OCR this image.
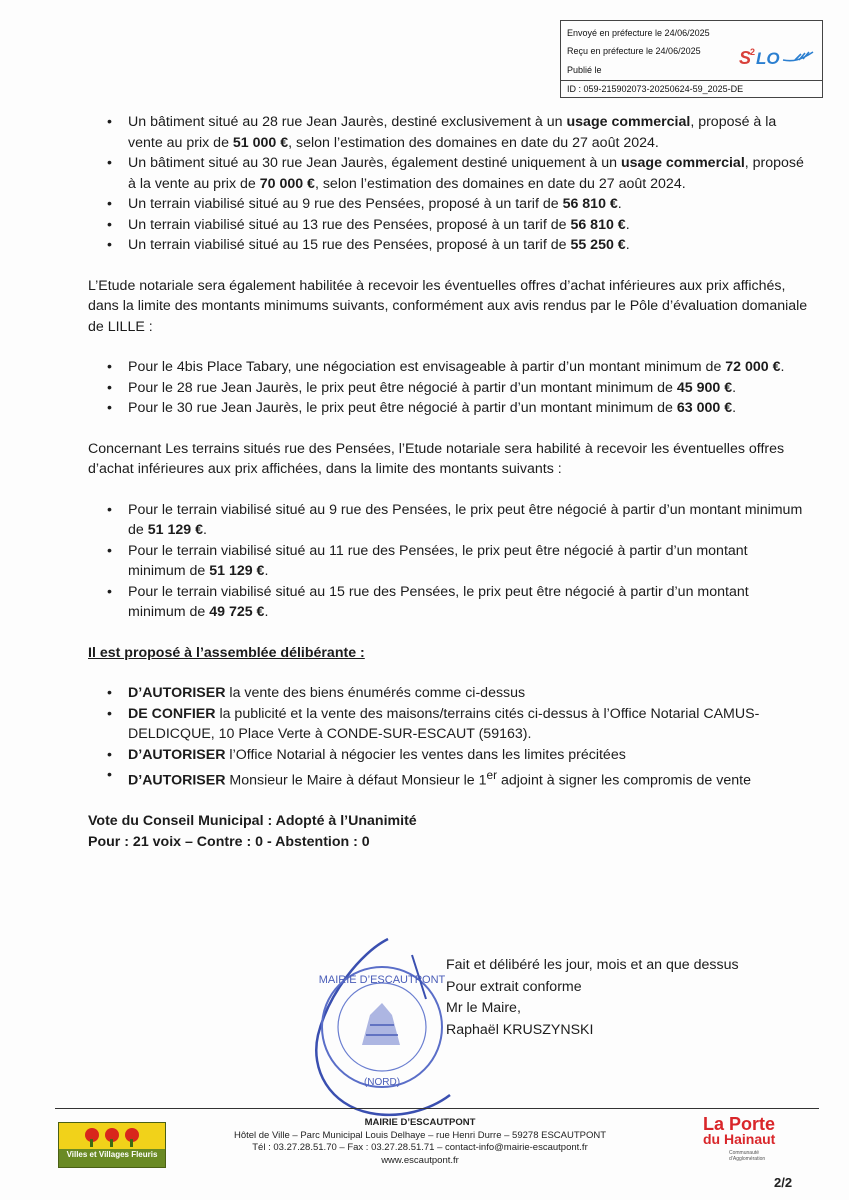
Envoyé en préfecture le 24/06/2025
Reçu en préfecture le 24/06/2025
Publié le
ID : 059-215902073-20250624-59_2025-DE
S
2 LO
• Un bâtiment situé au 28 rue Jean Jaurès, destiné exclusivement à un usage commercial, proposé à la vente au prix de 51 000 €, selon l’estimation des domaines en date du 27 août 2024.
• Un bâtiment situé au 30 rue Jean Jaurès, également destiné uniquement à un usage commercial, proposé à la vente au prix de 70 000 €, selon l’estimation des domaines en date du 27 août 2024.
• Un terrain viabilisé situé au 9 rue des Pensées, proposé à un tarif de 56 810 €.
• Un terrain viabilisé situé au 13 rue des Pensées, proposé à un tarif de 56 810 €.
• Un terrain viabilisé situé au 15 rue des Pensées, proposé à un tarif de 55 250 €.

L’Etude notariale sera également habilitée à recevoir les éventuelles offres d’achat inférieures aux prix affichés, dans la limite des montants minimums suivants, conformément aux avis rendus par le Pôle d’évaluation domaniale de LILLE :

• Pour le 4bis Place Tabary, une négociation est envisageable à partir d’un montant minimum de 72 000 €.
• Pour le 28 rue Jean Jaurès, le prix peut être négocié à partir d’un montant minimum de 45 900 €.
• Pour le 30 rue Jean Jaurès, le prix peut être négocié à partir d’un montant minimum de 63 000 €.

Concernant Les terrains situés rue des Pensées, l’Etude notariale sera habilité à recevoir les éventuelles offres d’achat inférieures aux prix affichées, dans la limite des montants suivants :

• Pour le terrain viabilisé situé au 9 rue des Pensées, le prix peut être négocié à partir d’un montant minimum de 51 129 €.
• Pour le terrain viabilisé situé au 11 rue des Pensées, le prix peut être négocié à partir d’un montant minimum de 51 129 €.
• Pour le terrain viabilisé situé au 15 rue des Pensées, le prix peut être négocié à partir d’un montant minimum de 49 725 €.

Il est proposé à l’assemblée délibérante :

• D’AUTORISER la vente des biens énumérés comme ci-dessus
• DE CONFIER la publicité et la vente des maisons/terrains cités ci-dessus à l’Office Notarial CAMUS-DELDICQUE, 10 Place Verte à CONDE-SUR-ESCAUT (59163).
• D’AUTORISER l’Office Notarial à négocier les ventes dans les limites précitées
• D’AUTORISER Monsieur le Maire à défaut Monsieur le 1er adjoint à signer les compromis de vente

Vote du Conseil Municipal : Adopté à l’Unanimité

Pour : 21 voix – Contre : 0 - Abstention : 0

MAIRIE D’ESCAUTPONT
(NORD)
Fait et délibéré les jour, mois et an que dessus
Pour extrait conforme
Mr le Maire,
Raphaël KRUSZYNSKI
Villes et Villages Fleuris
MAIRIE D’ESCAUTPONT
Hôtel de Ville – Parc Municipal Louis Delhaye – rue Henri Durre – 59278 ESCAUTPONT
Tél : 03.27.28.51.70 – Fax : 03.27.28.51.71 – contact-info@mairie-escautpont.fr
www.escautpont.fr
La Porte
du Hainaut
Communauté d’Agglomération
2/2
